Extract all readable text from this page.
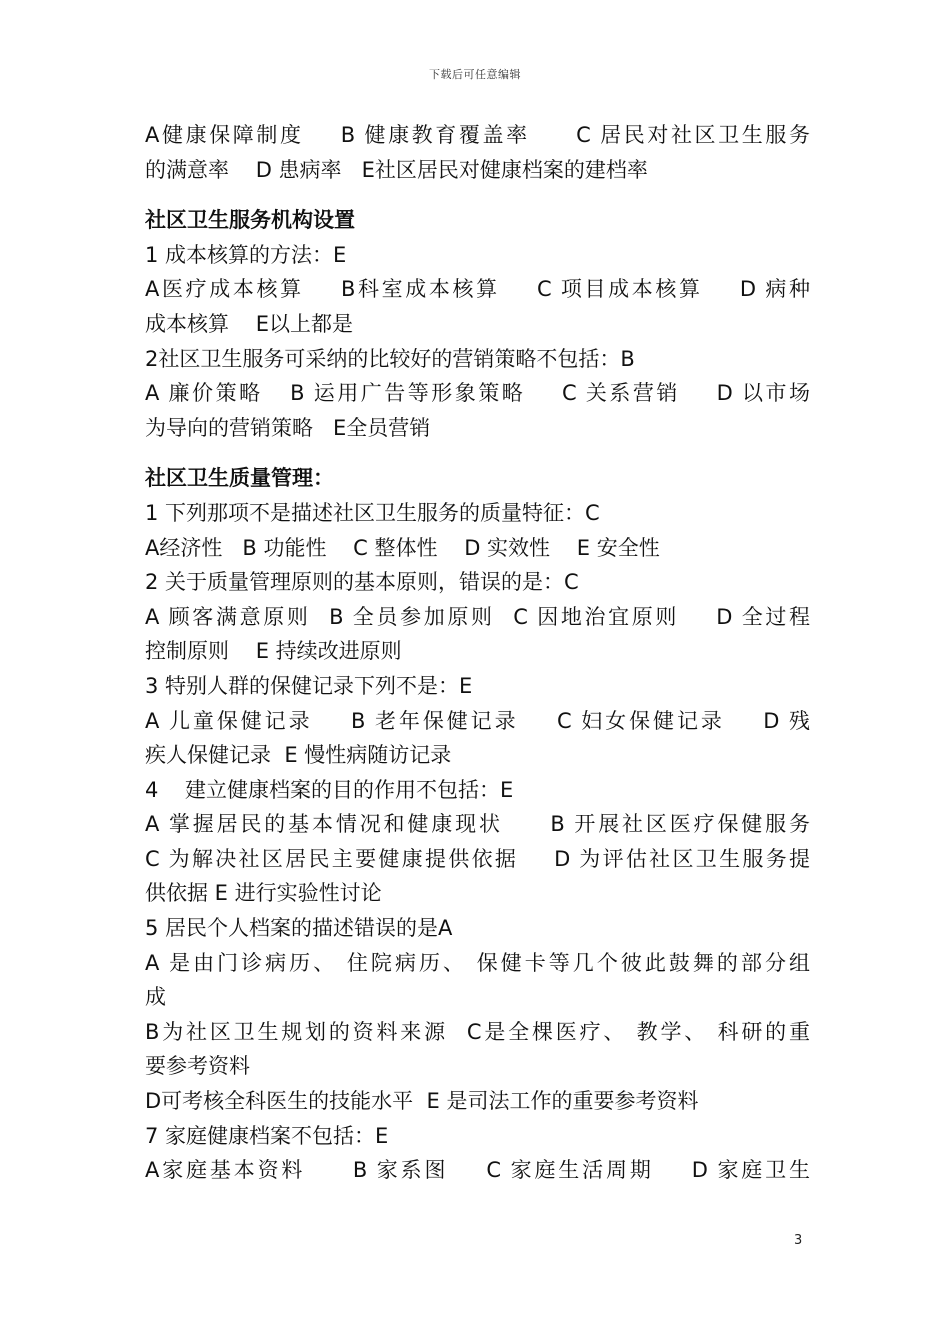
下载后可任意编辑
A健康保障制度    B 健康教育覆盖率     C 居民对社区卫生服务
的满意率    D 患病率   E社区居民对健康档案的建档率
社区卫生服务机构设置
1 成本核算的方法：E
A医疗成本核算    B科室成本核算    C 项目成本核算    D 病种
成本核算    E以上都是
2社区卫生服务可采纳的比较好的营销策略不包括：B
A 廉价策略   B 运用广告等形象策略    C 关系营销    D 以市场
为导向的营销策略   E全员营销
社区卫生质量管理：
1 下列那项不是描述社区卫生服务的质量特征：C
A经济性   B 功能性    C 整体性    D 实效性    E 安全性
2 关于质量管理原则的基本原则，错误的是：C
A 顾客满意原则  B 全员参加原则  C 因地治宜原则    D 全过程
控制原则    E 持续改进原则
3 特别人群的保健记录下列不是：E
A 儿童保健记录    B 老年保健记录    C 妇女保健记录    D 残
疾人保健记录  E 慢性病随访记录
4    建立健康档案的目的作用不包括：E
A 掌握居民的基本情况和健康现状     B 开展社区医疗保健服务
C 为解决社区居民主要健康提供依据    D 为评估社区卫生服务提
供依据 E 进行实验性讨论
5 居民个人档案的描述错误的是A
A 是由门诊病历、 住院病历、 保健卡等几个彼此鼓舞的部分组
成
B为社区卫生规划的资料来源  C是全棵医疗、 教学、 科研的重
要参考资料
D可考核全科医生的技能水平  E 是司法工作的重要参考资料
7 家庭健康档案不包括：E
A家庭基本资料     B 家系图    C 家庭生活周期    D 家庭卫生
3
